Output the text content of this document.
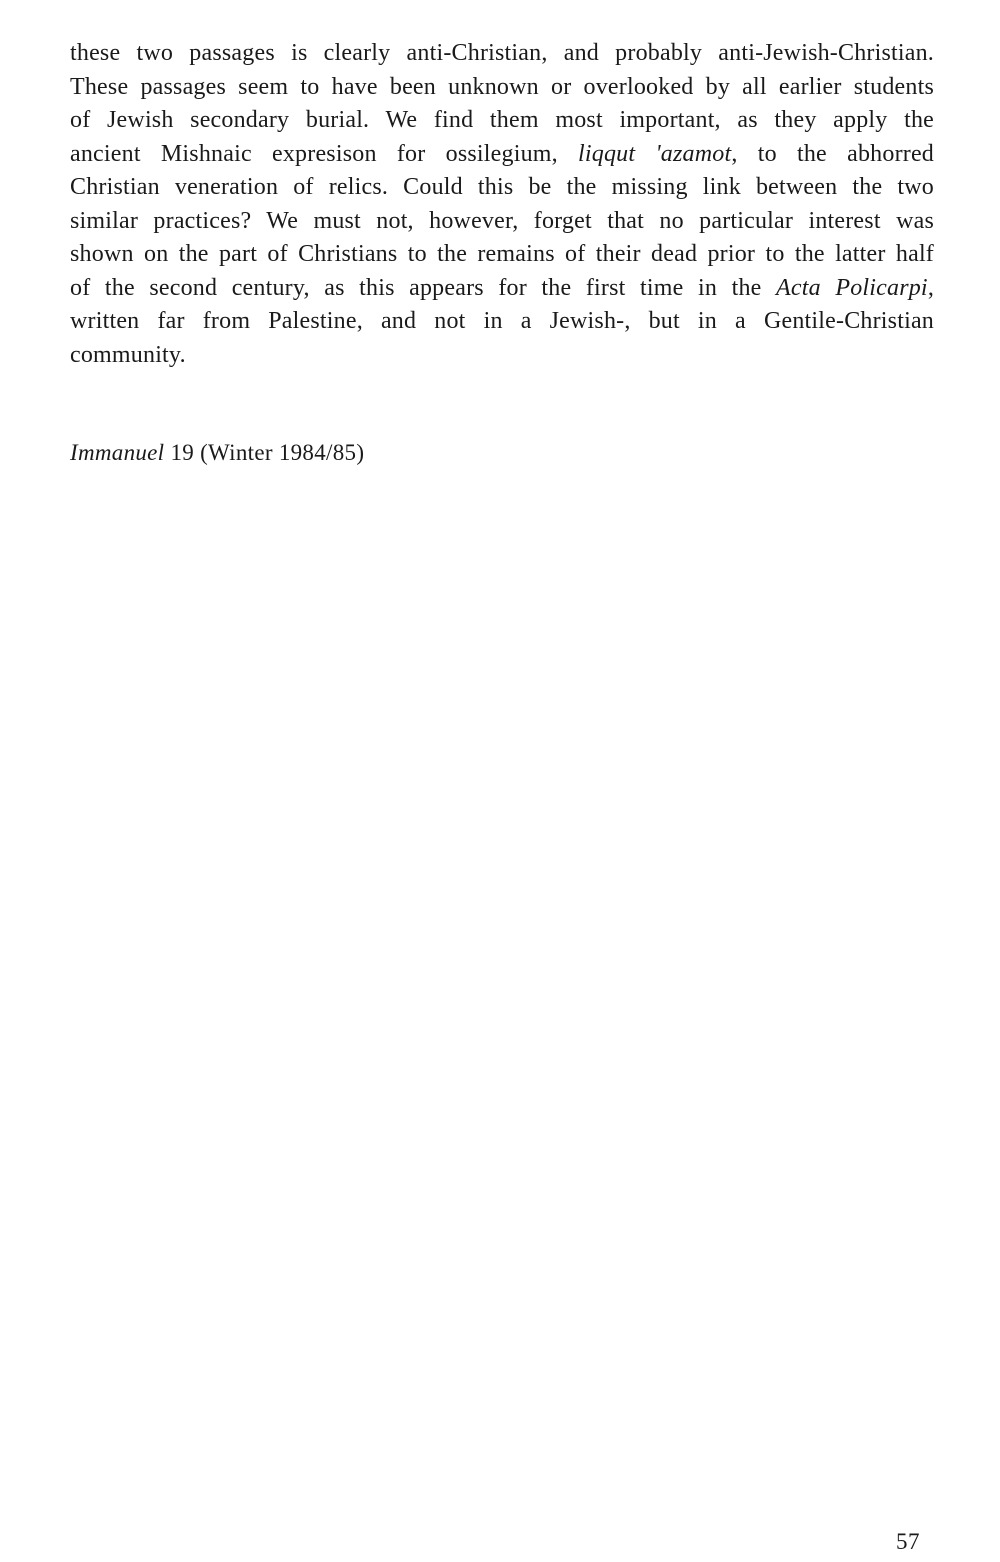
these two passages is clearly anti-Christian, and probably anti-Jewish-Christian.
These passages seem to have been unknown or overlooked by all earlier students
of Jewish secondary burial. We find them most important, as they apply the
ancient Mishnaic expresison for ossilegium, liqqut 'azamot, to the abhorred
Christian veneration of relics. Could this be the missing link between the two
similar practices? We must not, however, forget that no particular interest was
shown on the part of Christians to the remains of their dead prior to the latter half
of the second century, as this appears for the first time in the Acta Policarpi,
written far from Palestine, and not in a Jewish-, but in a Gentile-Christian
community.

Immanuel 19 (Winter 1984/85)

57
